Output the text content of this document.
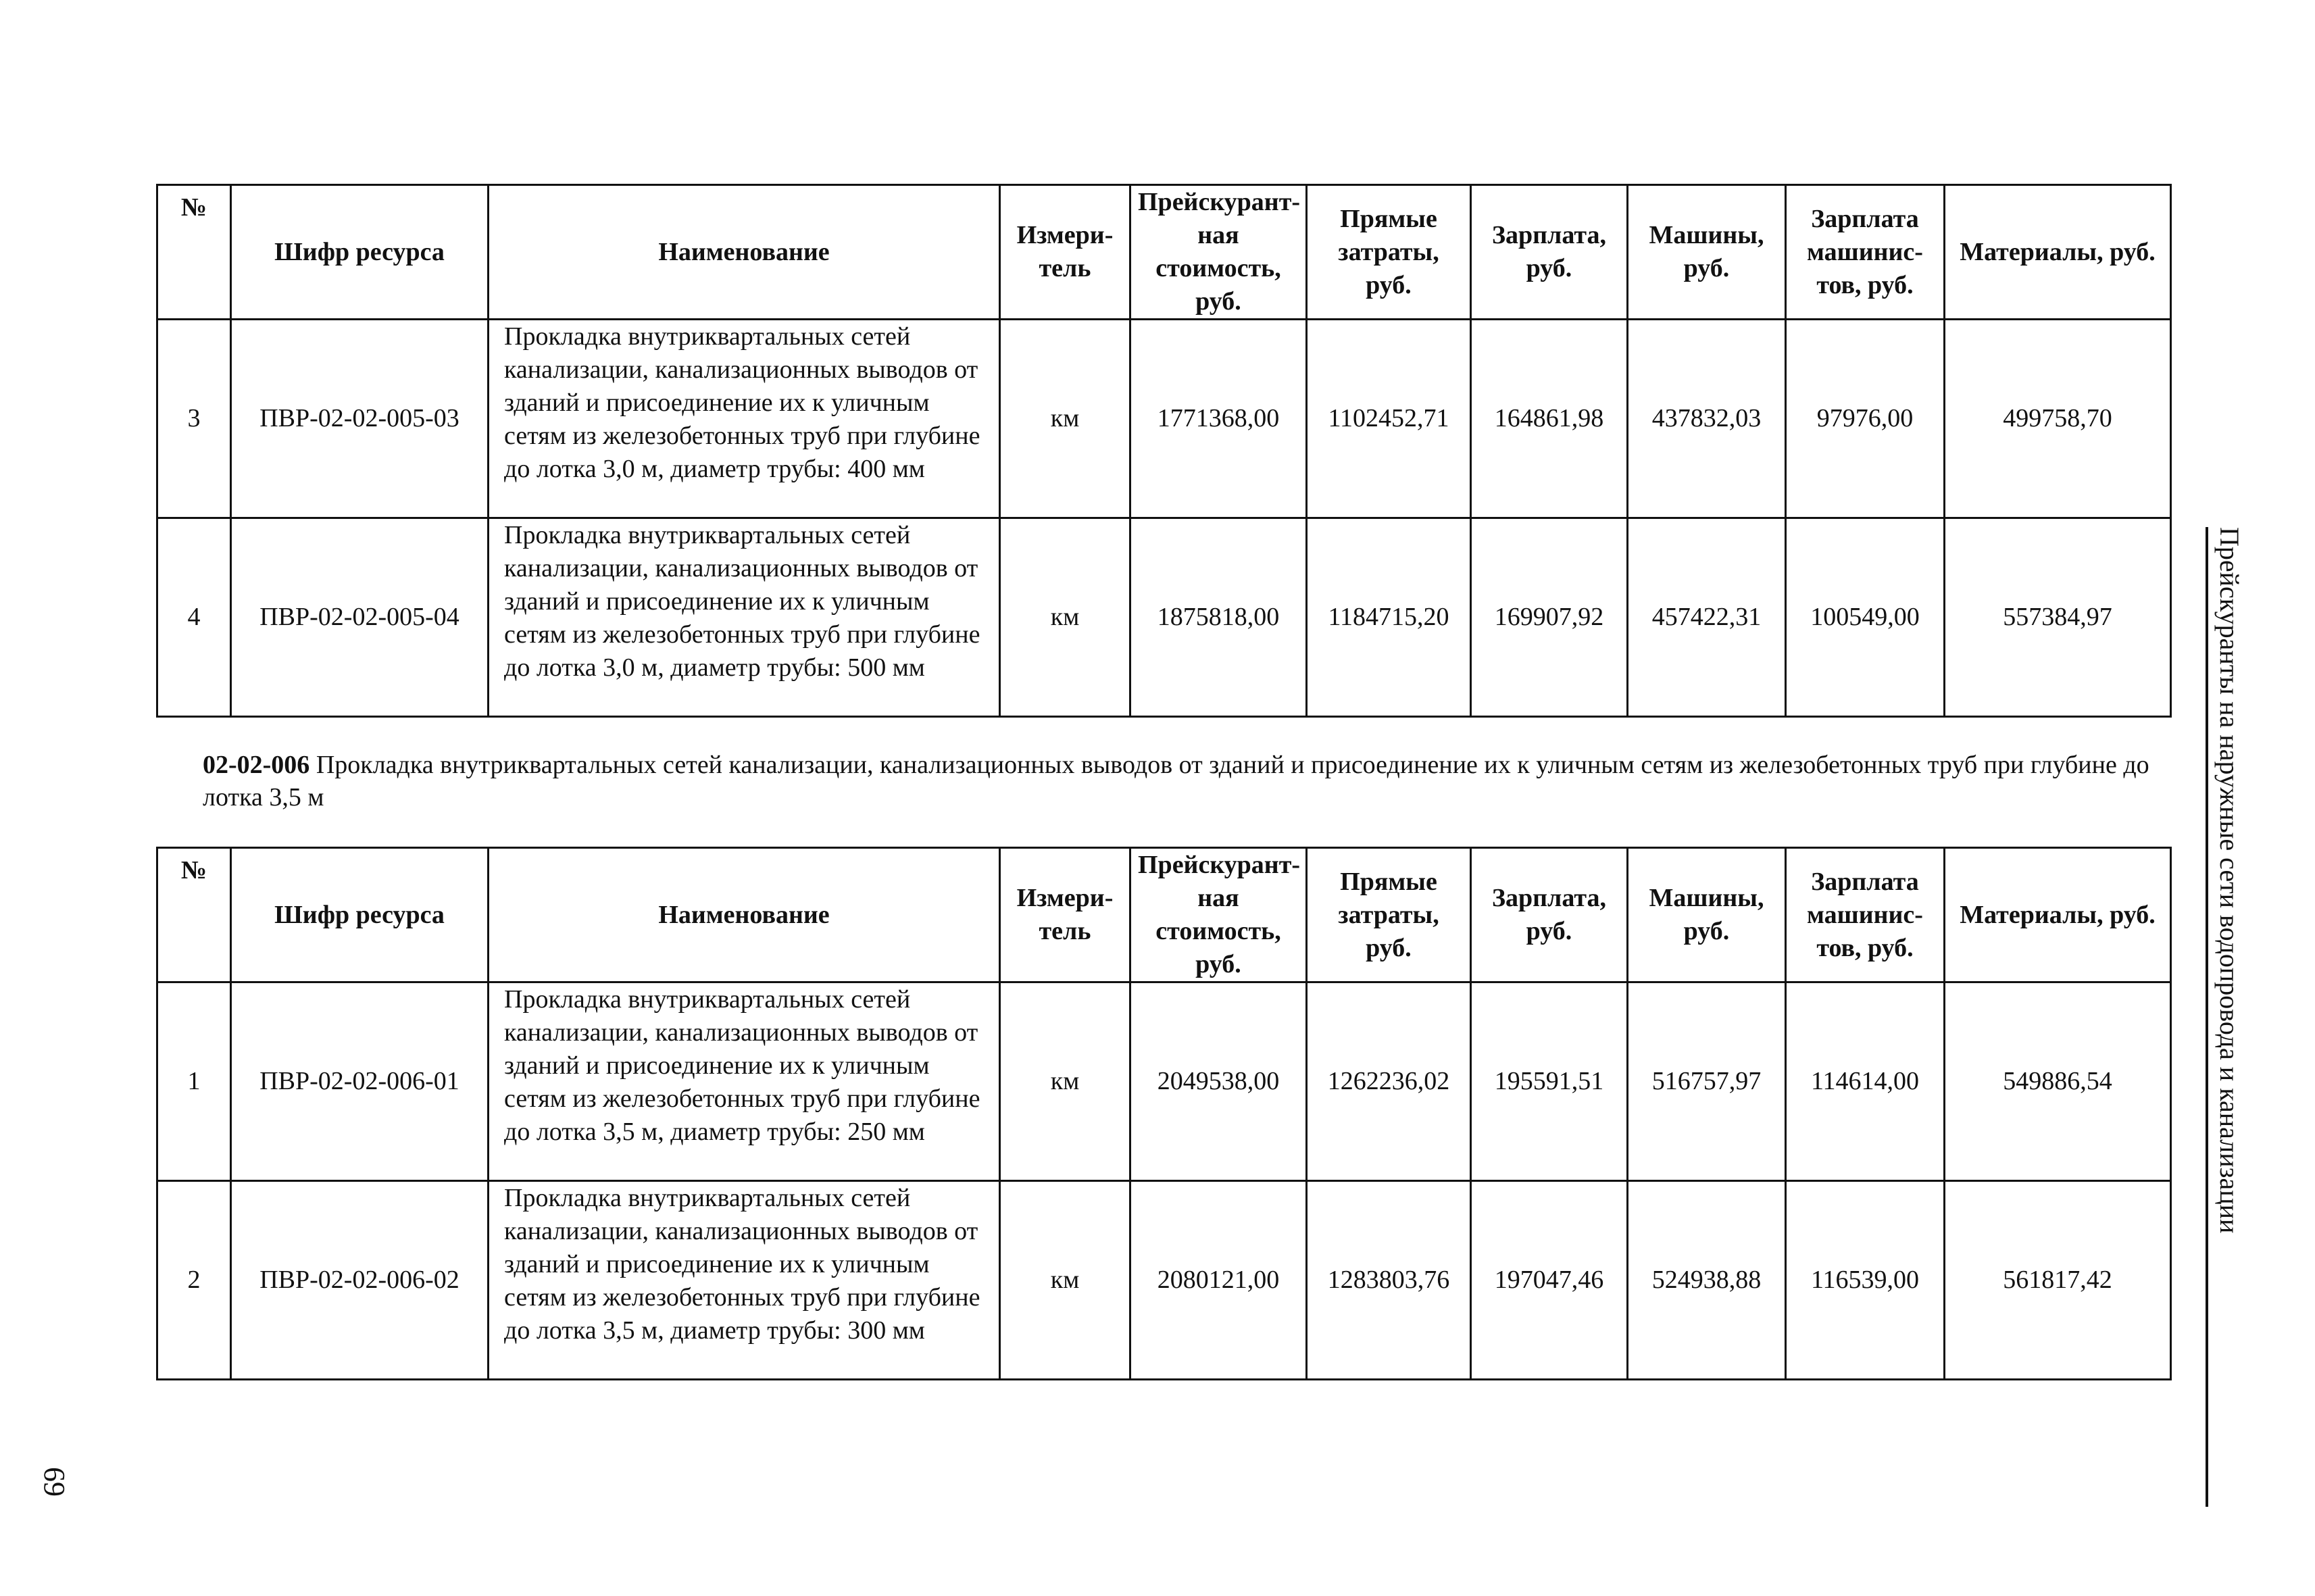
№	Шифр ресурса	Наименование	Измери-тель	Прейскурант-ная стоимость, руб.	Прямые затраты, руб.	Зарплата, руб.	Машины, руб.	Зарплата машинис-тов, руб.	Материалы, руб.
3	ПВР-02-02-005-03	Прокладка внутриквартальных сетей канализации, канализационных выводов от зданий и присоединение их к уличным сетям из железобетонных труб при глубине до лотка 3,0 м, диаметр трубы: 400 мм	км	1771368,00	1102452,71	164861,98	437832,03	97976,00	499758,70
4	ПВР-02-02-005-04	Прокладка внутриквартальных сетей канализации, канализационных выводов от зданий и присоединение их к уличным сетям из железобетонных труб при глубине до лотка 3,0 м, диаметр трубы: 500 мм	км	1875818,00	1184715,20	169907,92	457422,31	100549,00	557384,97
02-02-006 Прокладка внутриквартальных сетей канализации, канализационных выводов от зданий и присоединение их к уличным сетям из железобетонных труб при глубине до лотка 3,5 м
№	Шифр ресурса	Наименование	Измери-тель	Прейскурант-ная стоимость, руб.	Прямые затраты, руб.	Зарплата, руб.	Машины, руб.	Зарплата машинис-тов, руб.	Материалы, руб.
1	ПВР-02-02-006-01	Прокладка внутриквартальных сетей канализации, канализационных выводов от зданий и присоединение их к уличным сетям из железобетонных труб при глубине до лотка 3,5 м, диаметр трубы: 250 мм	км	2049538,00	1262236,02	195591,51	516757,97	114614,00	549886,54
2	ПВР-02-02-006-02	Прокладка внутриквартальных сетей канализации, канализационных выводов от зданий и присоединение их к уличным сетям из железобетонных труб при глубине до лотка 3,5 м, диаметр трубы: 300 мм	км	2080121,00	1283803,76	197047,46	524938,88	116539,00	561817,42
Прейскуранты на наружные сети водопровода и канализации
69
